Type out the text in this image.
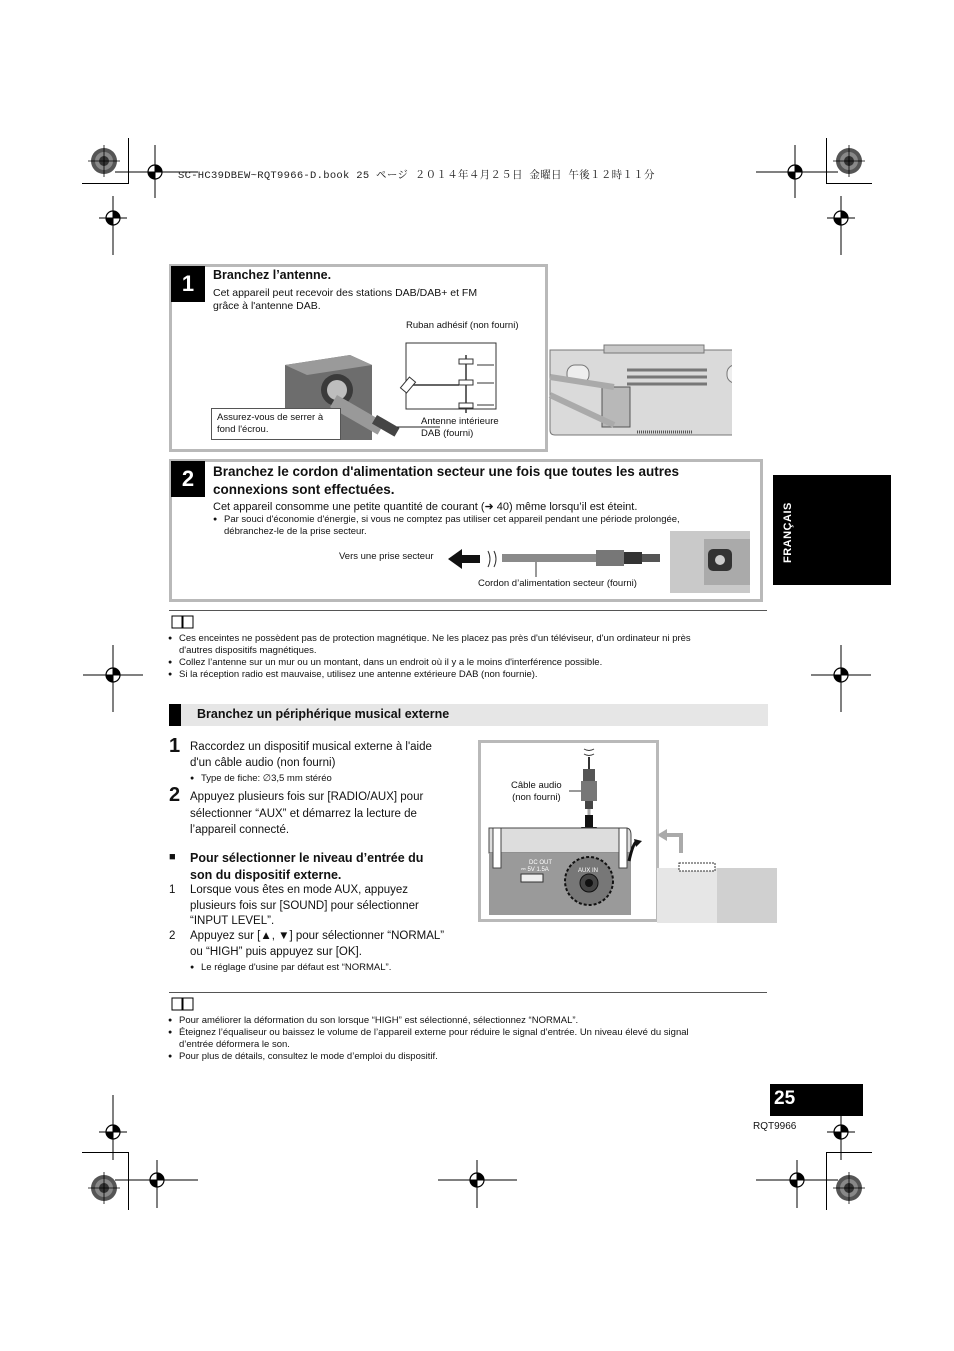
SC-HC39DBEW~RQT9966-D.book 25 ページ ２０１４年４月２５日 金曜日 午後１２時１１分
FRANÇAIS
1	Branchez l’antenne.
Cet appareil peut recevoir des stations DAB/DAB+ et FM
grâce à l'antenne DAB.
Ruban adhésif (non fourni)
Assurez-vous de serrer à
fond l'écrou.
Antenne intérieure
DAB (fourni)
2	Branchez le cordon d'alimentation secteur une fois que toutes les autres
connexions sont effectuées.
Cet appareil consomme une petite quantité de courant (➜ 40) même lorsqu’il est éteint.
● Par souci d'économie d'énergie, si vous ne comptez pas utiliser cet appareil pendant une période prolongée,
débranchez-le de la prise secteur.
Vers une prise secteur
Cordon d’alimentation secteur (fourni)
● Ces enceintes ne possèdent pas de protection magnétique. Ne les placez pas près d'un téléviseur, d'un ordinateur ni près
d'autres dispositifs magnétiques.
● Collez l’antenne sur un mur ou un montant, dans un endroit où il y a le moins d'interférence possible.
● Si la réception radio est mauvaise, utilisez une antenne extérieure DAB (non fournie).
Branchez un périphérique musical externe
1 Raccordez un dispositif musical externe à l'aide
d'un câble audio (non fourni)
● Type de fiche: ∅3,5 mm stéréo
2 Appuyez plusieurs fois sur [RADIO/AUX] pour
sélectionner “AUX” et démarrez la lecture de
l’appareil connecté.
■ Pour sélectionner le niveau d’entrée du
son du dispositif externe.
1 Lorsque vous êtes en mode AUX, appuyez
plusieurs fois sur [SOUND] pour sélectionner
“INPUT LEVEL”.
2 Appuyez sur [▲, ▼] pour sélectionner “NORMAL”
ou “HIGH” puis appuyez sur [OK].
● Le réglage d'usine par défaut est “NORMAL”.
Câble audio
(non fourni)
DC OUT
⎓ 5V 1.5A	AUX IN
● Pour améliorer la déformation du son lorsque “HIGH” est sélectionné, sélectionnez “NORMAL”.
● Éteignez l’équaliseur ou baissez le volume de l’appareil externe pour réduire le signal d’entrée. Un niveau élevé du signal
d’entrée déformera le son.
● Pour plus de détails, consultez le mode d’emploi du dispositif.
25
RQT9966
